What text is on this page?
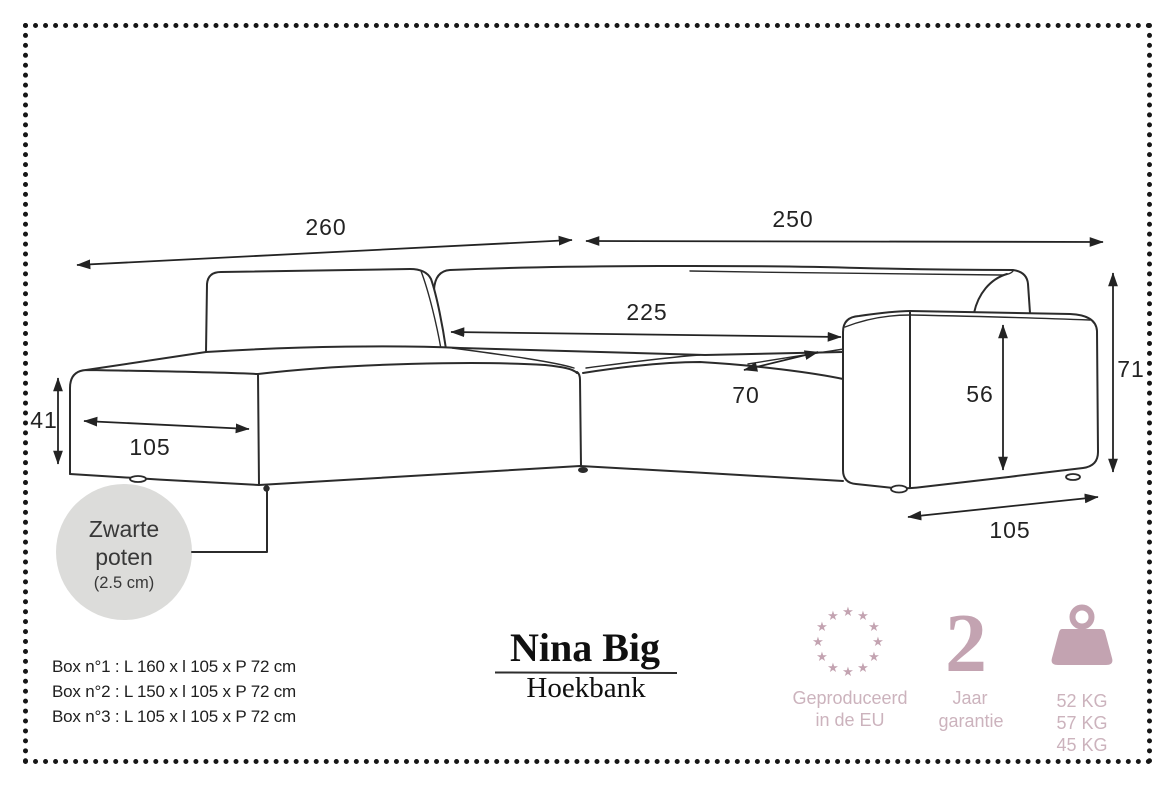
260	250
225
70	56
71
41
105
105
Zwarte
poten
(2.5 cm)
Box n°1 : L 160 x l 105 x P 72 cm
Box n°2 : L 150 x l 105 x P 72 cm
Box n°3 : L 105 x l 105 x P 72 cm
Nina Big
Hoekbank
★ ★
★
★
★
★
★
★
★
★
★
★
Geproduceerd
in de EU
2
Jaar
garantie
52 KG
57 KG
45 KG
